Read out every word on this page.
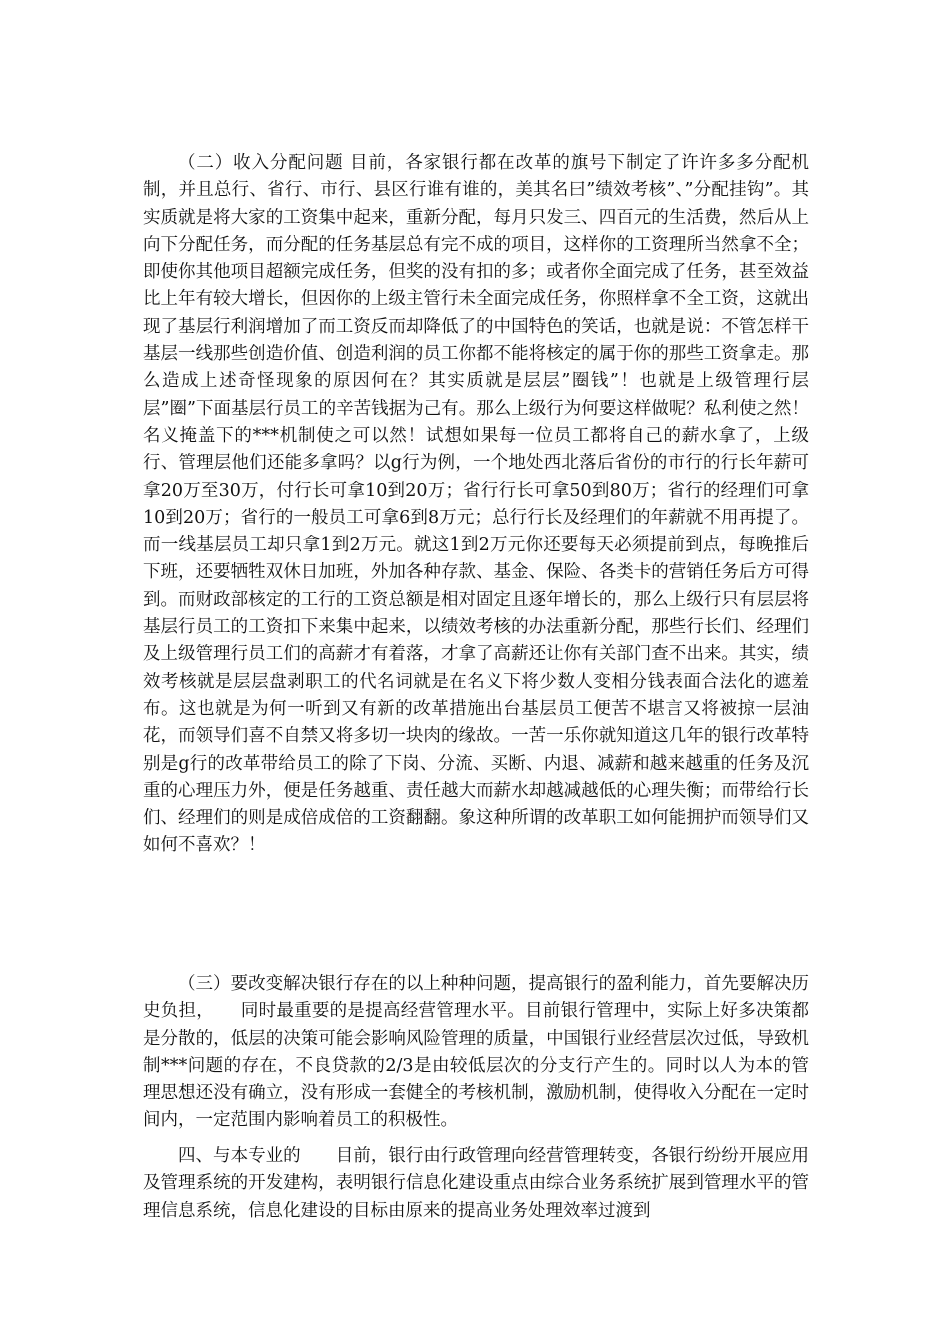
（二）收入分配问题 目前，各家银行都在改革的旗号下制定了许许多多分配机制，并且总行、省行、市行、县区行谁有谁的，美其名曰”绩效考核”、”分配挂钩”。其实质就是将大家的工资集中起来，重新分配，每月只发三、四百元的生活费，然后从上向下分配任务，而分配的任务基层总有完不成的项目，这样你的工资理所当然拿不全；即使你其他项目超额完成任务，但奖的没有扣的多；或者你全面完成了任务，甚至效益比上年有较大增长，但因你的上级主管行未全面完成任务，你照样拿不全工资，这就出现了基层行利润增加了而工资反而却降低了的中国特色的笑话，也就是说：不管怎样干基层一线那些创造价值、创造利润的员工你都不能将核定的属于你的那些工资拿走。那么造成上述奇怪现象的原因何在？其实质就是层层”圈钱”！也就是上级管理行层层”圈”下面基层行员工的辛苦钱据为己有。那么上级行为何要这样做呢？私利使之然！名义掩盖下的***机制使之可以然！试想如果每一位员工都将自己的薪水拿了，上级行、管理层他们还能多拿吗？以g行为例，一个地处西北落后省份的市行的行长年薪可拿20万至30万，付行长可拿10到20万；省行行长可拿50到80万；省行的经理们可拿10到20万；省行的一般员工可拿6到8万元；总行行长及经理们的年薪就不用再提了。而一线基层员工却只拿1到2万元。就这1到2万元你还要每天必须提前到点，每晚推后下班，还要牺牲双休日加班，外加各种存款、基金、保险、各类卡的营销任务后方可得到。而财政部核定的工行的工资总额是相对固定且逐年增长的，那么上级行只有层层将基层行员工的工资扣下来集中起来，以绩效考核的办法重新分配，那些行长们、经理们及上级管理行员工们的高薪才有着落，才拿了高薪还让你有关部门查不出来。其实，绩效考核就是层层盘剥职工的代名词就是在名义下将少数人变相分钱表面合法化的遮羞布。这也就是为何一听到又有新的改革措施出台基层员工便苦不堪言又将被掠一层油花，而领导们喜不自禁又将多切一块肉的缘故。一苦一乐你就知道这几年的银行改革特别是g行的改革带给员工的除了下岗、分流、买断、内退、减薪和越来越重的任务及沉重的心理压力外，便是任务越重、责任越大而薪水却越减越低的心理失衡；而带给行长们、经理们的则是成倍成倍的工资翻翻。象这种所谓的改革职工如何能拥护而领导们又如何不喜欢？！

（三）要改变解决银行存在的以上种种问题，提高银行的盈利能力，首先要解决历史负担，　　同时最重要的是提高经营管理水平。目前银行管理中，实际上好多决策都是分散的，低层的决策可能会影响风险管理的质量，中国银行业经营层次过低，导致机制***问题的存在，不良贷款的2/3是由较低层次的分支行产生的。同时以人为本的管理思想还没有确立，没有形成一套健全的考核机制，激励机制，使得收入分配在一定时间内，一定范围内影响着员工的积极性。

四、与本专业的　　目前，银行由行政管理向经营管理转变，各银行纷纷开展应用及管理系统的开发建构，表明银行信息化建设重点由综合业务系统扩展到管理水平的管理信息系统，信息化建设的目标由原来的提高业务处理效率过渡到
